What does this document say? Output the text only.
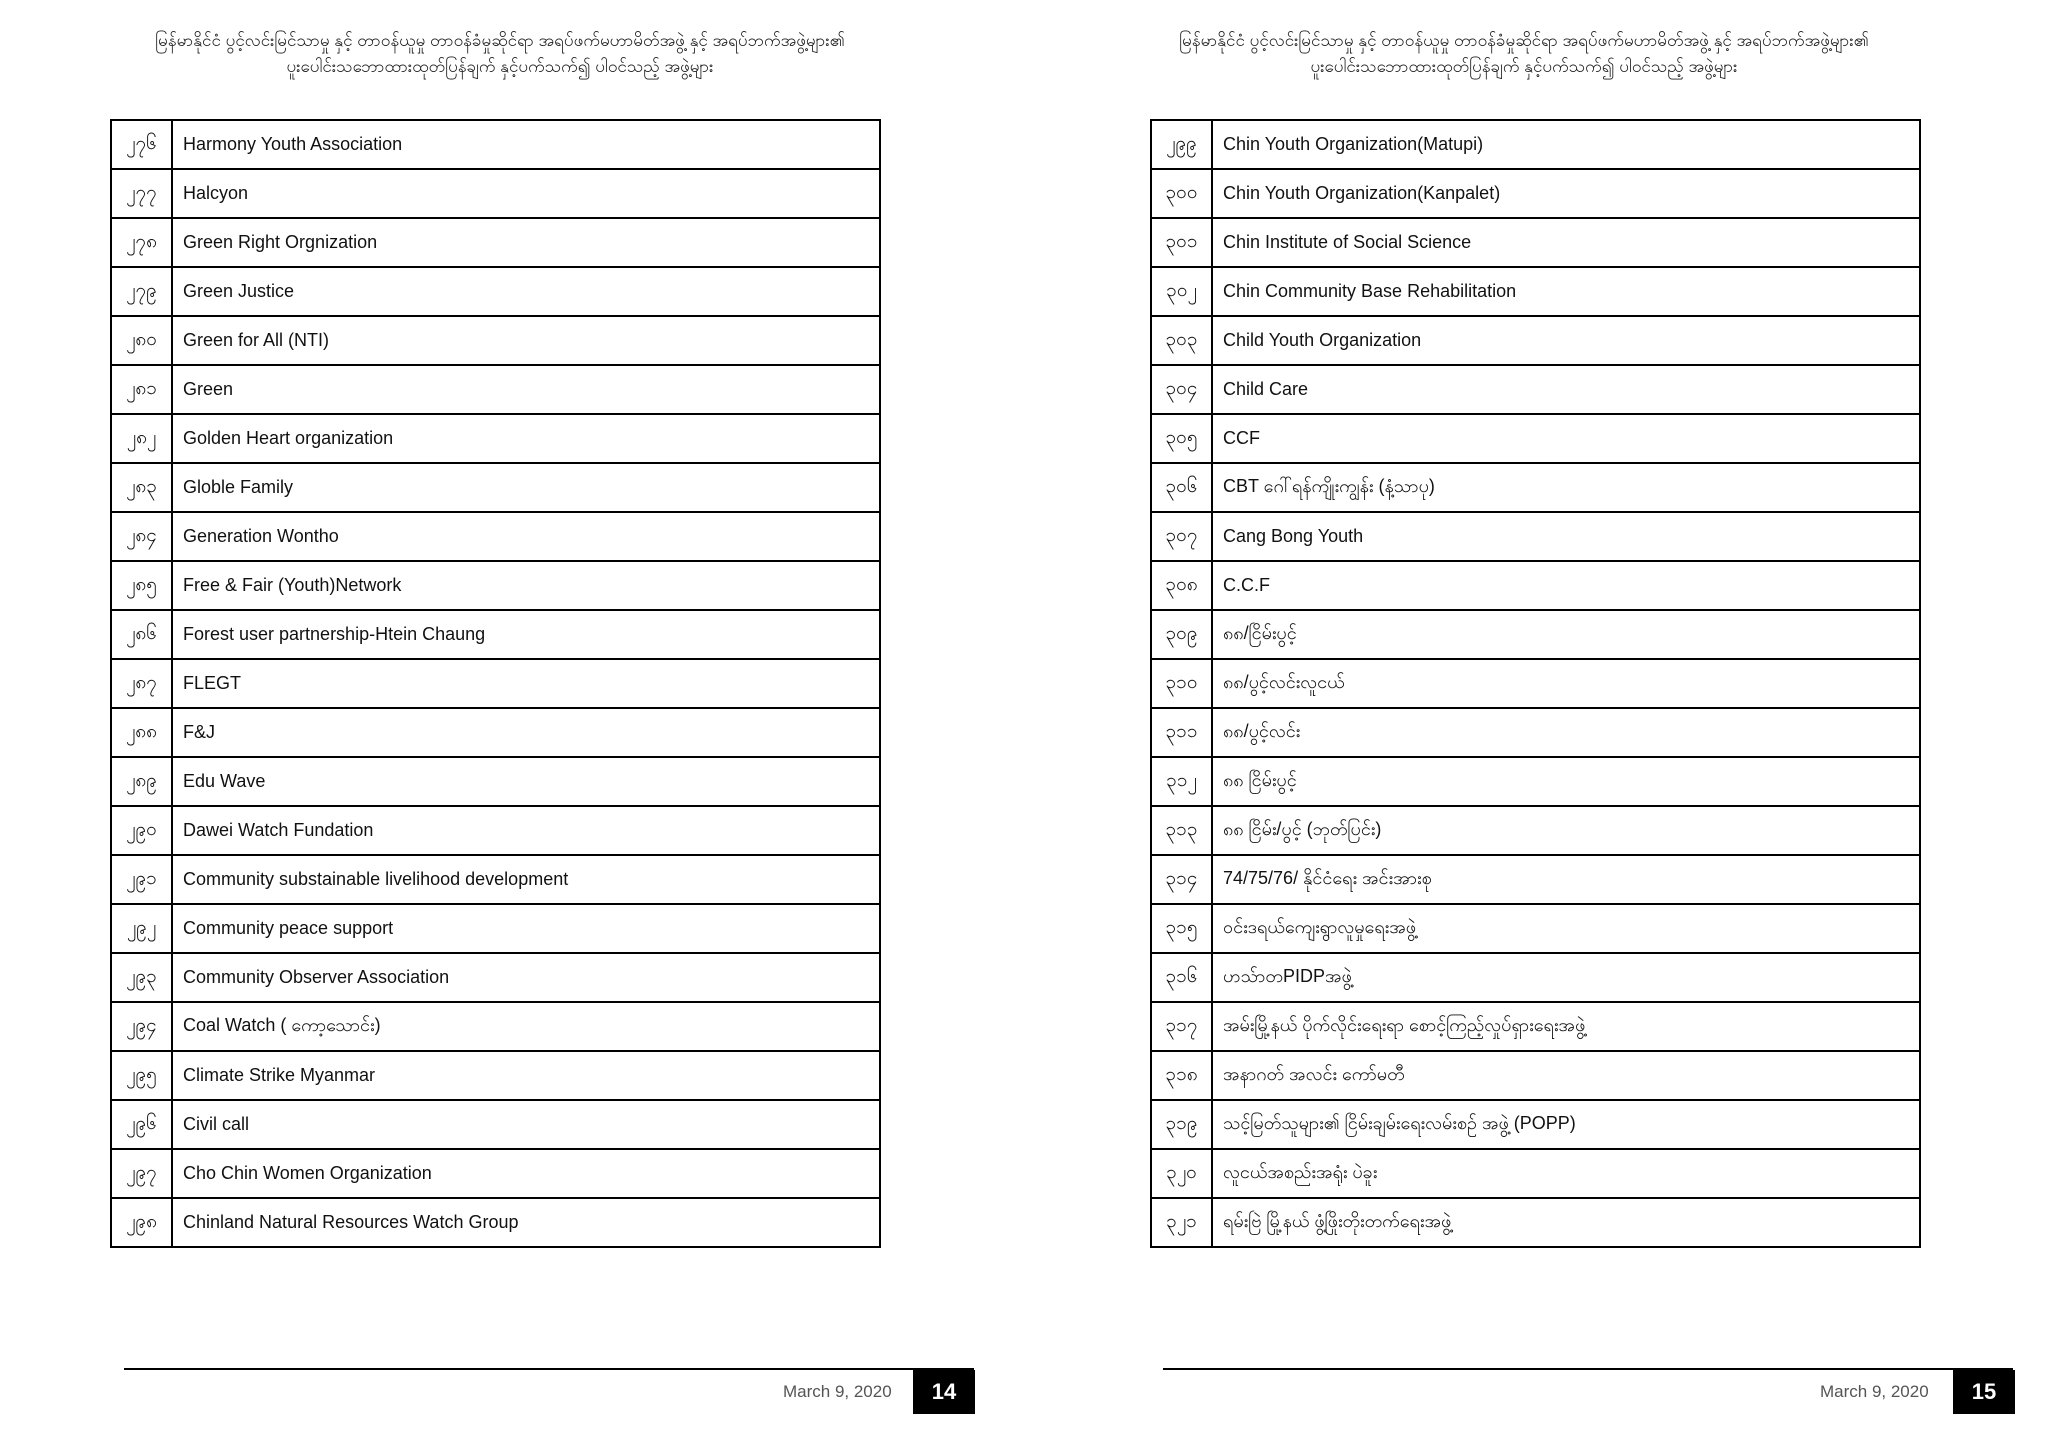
မြန်မာနိုင်ငံ ပွင့်လင်းမြင်သာမှု နှင့် တာဝန်ယူမှု တာဝန်ခံမှုဆိုင်ရာ အရပ်ဖက်မဟာမိတ်အဖွဲ့ နှင့် အရပ်ဘက်အဖွဲ့များ၏
ပူးပေါင်းသဘောထားထုတ်ပြန်ချက် နှင့်ပက်သက်၍ ပါဝင်သည့် အဖွဲ့များ
၂၇၆	Harmony Youth Association
၂၇၇	Halcyon
၂၇၈	Green Right Orgnization
၂၇၉	Green Justice
၂၈၀	Green for All (NTI)
၂၈၁	Green
၂၈၂	Golden Heart organization
၂၈၃	Globle Family
၂၈၄	Generation Wontho
၂၈၅	Free & Fair (Youth)Network
၂၈၆	Forest user partnership-Htein Chaung
၂၈၇	FLEGT
၂၈၈	F&J
၂၈၉	Edu Wave
၂၉၀	Dawei Watch Fundation
၂၉၁	Community substainable livelihood development
၂၉၂	Community peace support
၂၉၃	Community Observer Association
၂၉၄	Coal Watch ( ကော့သောင်း)
၂၉၅	Climate Strike Myanmar
၂၉၆	Civil call
၂၉၇	Cho Chin Women Organization
၂၉၈	Chinland Natural Resources Watch Group
March 9, 2020	14
မြန်မာနိုင်ငံ ပွင့်လင်းမြင်သာမှု နှင့် တာဝန်ယူမှု တာဝန်ခံမှုဆိုင်ရာ အရပ်ဖက်မဟာမိတ်အဖွဲ့ နှင့် အရပ်ဘက်အဖွဲ့များ၏
ပူးပေါင်းသဘောထားထုတ်ပြန်ချက် နှင့်ပက်သက်၍ ပါဝင်သည့် အဖွဲ့များ
၂၉၉	Chin Youth Organization(Matupi)
၃၀၀	Chin Youth Organization(Kanpalet)
၃၀၁	Chin Institute of Social Science
၃၀၂	Chin Community Base Rehabilitation
၃၀၃	Child Youth Organization
၃၀၄	Child Care
၃၀၅	CCF
၃၀၆	CBT ဂေါ်ရန်ကျိုးကျွန်း (နံ့သာပု)
၃၀၇	Cang Bong Youth
၃၀၈	C.C.F
၃၀၉	၈၈/ငြိမ်းပွင့်
၃၁၀	၈၈/ပွင့်လင်းလူငယ်
၃၁၁	၈၈/ပွင့်လင်း
၃၁၂	၈၈ ငြိမ်းပွင့်
၃၁၃	၈၈ ငြိမ်း/ပွင့် (ဘုတ်ပြင်း)
၃၁၄	74/75/76/ နိုင်ငံရေး အင်းအားစု
၃၁၅	ဝင်းဒရယ်ကျေးရွာလူမှုရေးအဖွဲ့
၃၁၆	ဟသ်ာတPIDPအဖွဲ့
၃၁၇	အမ်းမြို့နယ် ပိုက်လိုင်းရေးရာ စောင့်ကြည့်လှုပ်ရှားရေးအဖွဲ့
၃၁၈	အနာဂတ် အလင်း ကော်မတီ
၃၁၉	သင့်မြတ်သူများ၏ ငြိမ်းချမ်းရေးလမ်းစဉ် အဖွဲ့ (POPP)
၃၂၀	လူငယ်အစည်းအရုံး ပဲခူး
၃၂၁	ရမ်းဗြဲ မြို့နယ် ဖွံ့ဖြိုးတိုးတက်ရေးအဖွဲ့
March 9, 2020	15
